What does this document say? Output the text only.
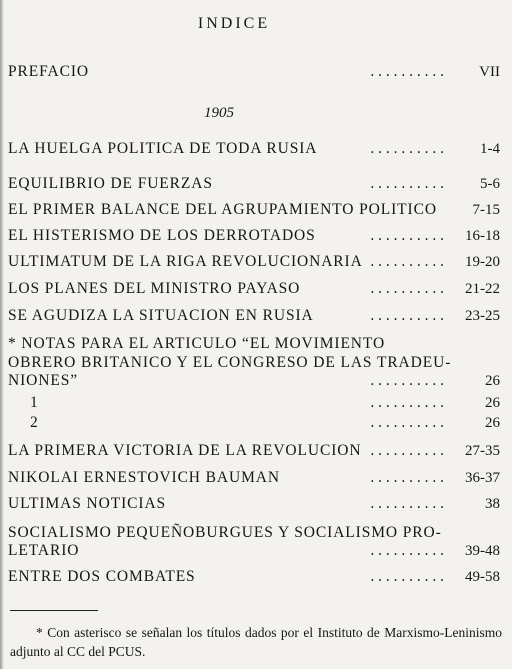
INDICE
PREFACIO	. . . . . . . . . . VII
1905
LA HUELGA POLITICA DE TODA RUSIA	. . . . . . . . . . 1-4
EQUILIBRIO DE FUERZAS	. . . . . . . . . . 5-6
EL PRIMER BALANCE DEL AGRUPAMIENTO POLITICO 7-15
EL HISTERISMO DE LOS DERROTADOS	. . . . . . . . . . 16-18
ULTIMATUM DE LA RIGA REVOLUCIONARIA . . . . . . . . . . 19-20
LOS PLANES DEL MINISTRO PAYASO	. . . . . . . . . . 21-22
SE AGUDIZA LA SITUACION EN RUSIA	. . . . . . . . . . 23-25
* NOTAS PARA EL ARTICULO “EL MOVIMIENTO
OBRERO BRITANICO Y EL CONGRESO DE LAS TRADEU-
NIONES”	. . . . . . . . . .	26
1	. . . . . . . . . .	26
2	. . . . . . . . . .	26
LA PRIMERA VICTORIA DE LA REVOLUCION . . . . . . . . . . 27-35
NIKOLAI ERNESTOVICH BAUMAN	. . . . . . . . . . 36-37
ULTIMAS NOTICIAS	. . . . . . . . . .	38
SOCIALISMO PEQUEÑOBURGUES Y SOCIALISMO PRO-
LETARIO	. . . . . . . . . . 39-48
ENTRE DOS COMBATES	. . . . . . . . . . 49-58
* Con asterisco se señalan los títulos dados por el Instituto de Marxismo-Leninismo adjunto al CC del PCUS.
